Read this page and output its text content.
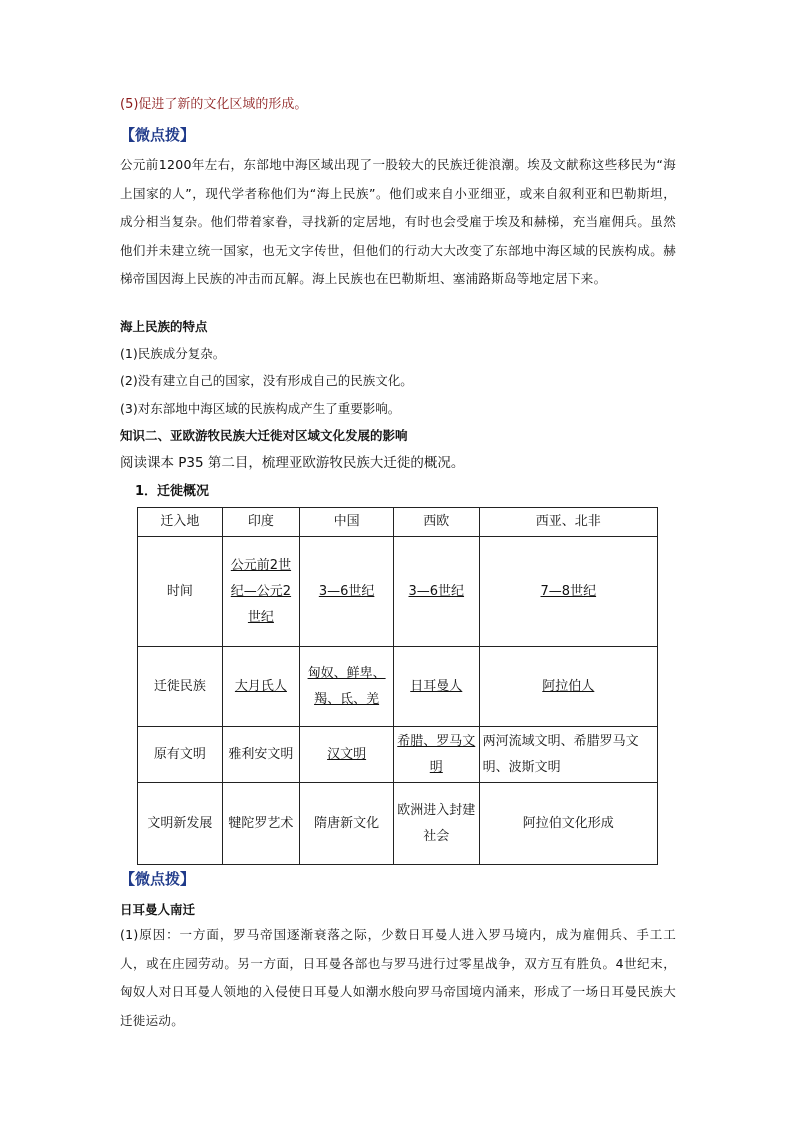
(5)促进了新的文化区域的形成。

【微点拨】

公元前1200年左右，东部地中海区域出现了一股较大的民族迁徙浪潮。埃及文献称这些移民为“海上国家的人”，现代学者称他们为“海上民族”。他们或来自小亚细亚，或来自叙利亚和巴勒斯坦，成分相当复杂。他们带着家眷，寻找新的定居地，有时也会受雇于埃及和赫梯，充当雇佣兵。虽然他们并未建立统一国家，也无文字传世，但他们的行动大大改变了东部地中海区域的民族构成。赫梯帝国因海上民族的冲击而瓦解。海上民族也在巴勒斯坦、塞浦路斯岛等地定居下来。

海上民族的特点

(1)民族成分复杂。

(2)没有建立自己的国家，没有形成自己的民族文化。

(3)对东部地中海区域的民族构成产生了重要影响。

知识二、亚欧游牧民族大迁徙对区域文化发展的影响

阅读课本 P35 第二目，梳理亚欧游牧民族大迁徙的概况。

1．迁徙概况

迁入地	印度	中国	西欧	西亚、北非
时间	公元前2世纪—公元2世纪	3—6世纪	3—6世纪	7—8世纪
迁徙民族	大月氏人	匈奴、鲜卑、羯、氐、羌	日耳曼人	阿拉伯人
原有文明	雅利安文明	汉文明	希腊、罗马文明	两河流域文明、希腊罗马文明、波斯文明
文明新发展	犍陀罗艺术	隋唐新文化	欧洲进入封建社会	阿拉伯文化形成

【微点拨】

日耳曼人南迁

(1)原因：一方面，罗马帝国逐渐衰落之际，少数日耳曼人进入罗马境内，成为雇佣兵、手工工人，或在庄园劳动。另一方面，日耳曼各部也与罗马进行过零星战争，双方互有胜负。4世纪末，匈奴人对日耳曼人领地的入侵使日耳曼人如潮水般向罗马帝国境内涌来，形成了一场日耳曼民族大迁徙运动。
